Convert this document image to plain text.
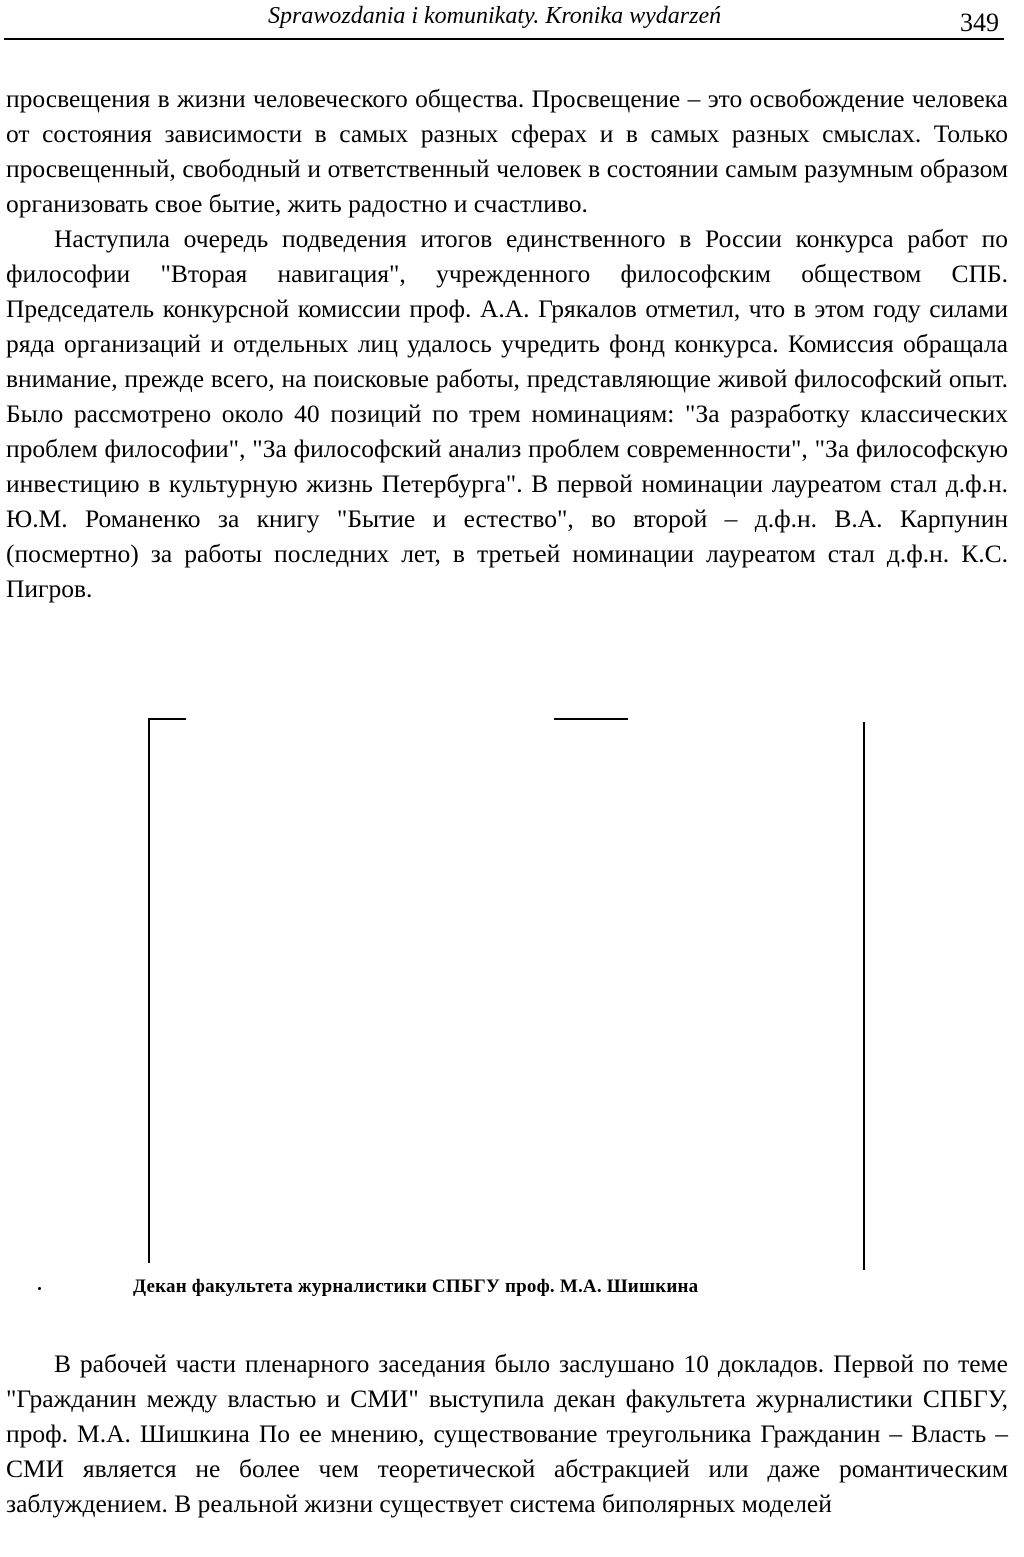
Sprawozdania i komunikaty. Kronika wydarzeń	349

просвещения в жизни человеческого общества. Просвещение – это освобождение человека от состояния зависимости в самых разных сферах и в самых разных смыслах. Только просвещенный, свободный и ответственный человек в состоянии самым разумным образом организовать свое бытие, жить радостно и счастливо.

Наступила очередь подведения итогов единственного в России конкурса работ по философии "Вторая навигация", учрежденного философским обществом СПБ. Председатель конкурсной комиссии проф. А.А. Грякалов отметил, что в этом году силами ряда организаций и отдельных лиц удалось учредить фонд конкурса. Комиссия обращала внимание, прежде всего, на поисковые работы, представляющие живой философский опыт. Было рассмотрено около 40 позиций по трем номинациям: "За разработку классических проблем философии", "За философский анализ проблем современности", "За философскую инвестицию в культурную жизнь Петербурга". В первой номинации лауреатом стал д.ф.н. Ю.М. Романенко за книгу "Бытие и естество", во второй – д.ф.н. В.А. Карпунин (посмертно) за работы последних лет, в третьей номинации лауреатом стал д.ф.н. К.С. Пигров.

Декан факультета журналистики СПБГУ проф. М.А. Шишкина

В рабочей части пленарного заседания было заслушано 10 докладов. Первой по теме "Гражданин между властью и СМИ" выступила декан факультета журналистики СПБГУ, проф. М.А. Шишкина По ее мнению, существование треугольника Гражданин – Власть – СМИ является не более чем теоретической абстракцией или даже романтическим заблуждением. В реальной жизни существует система биполярных моделей
